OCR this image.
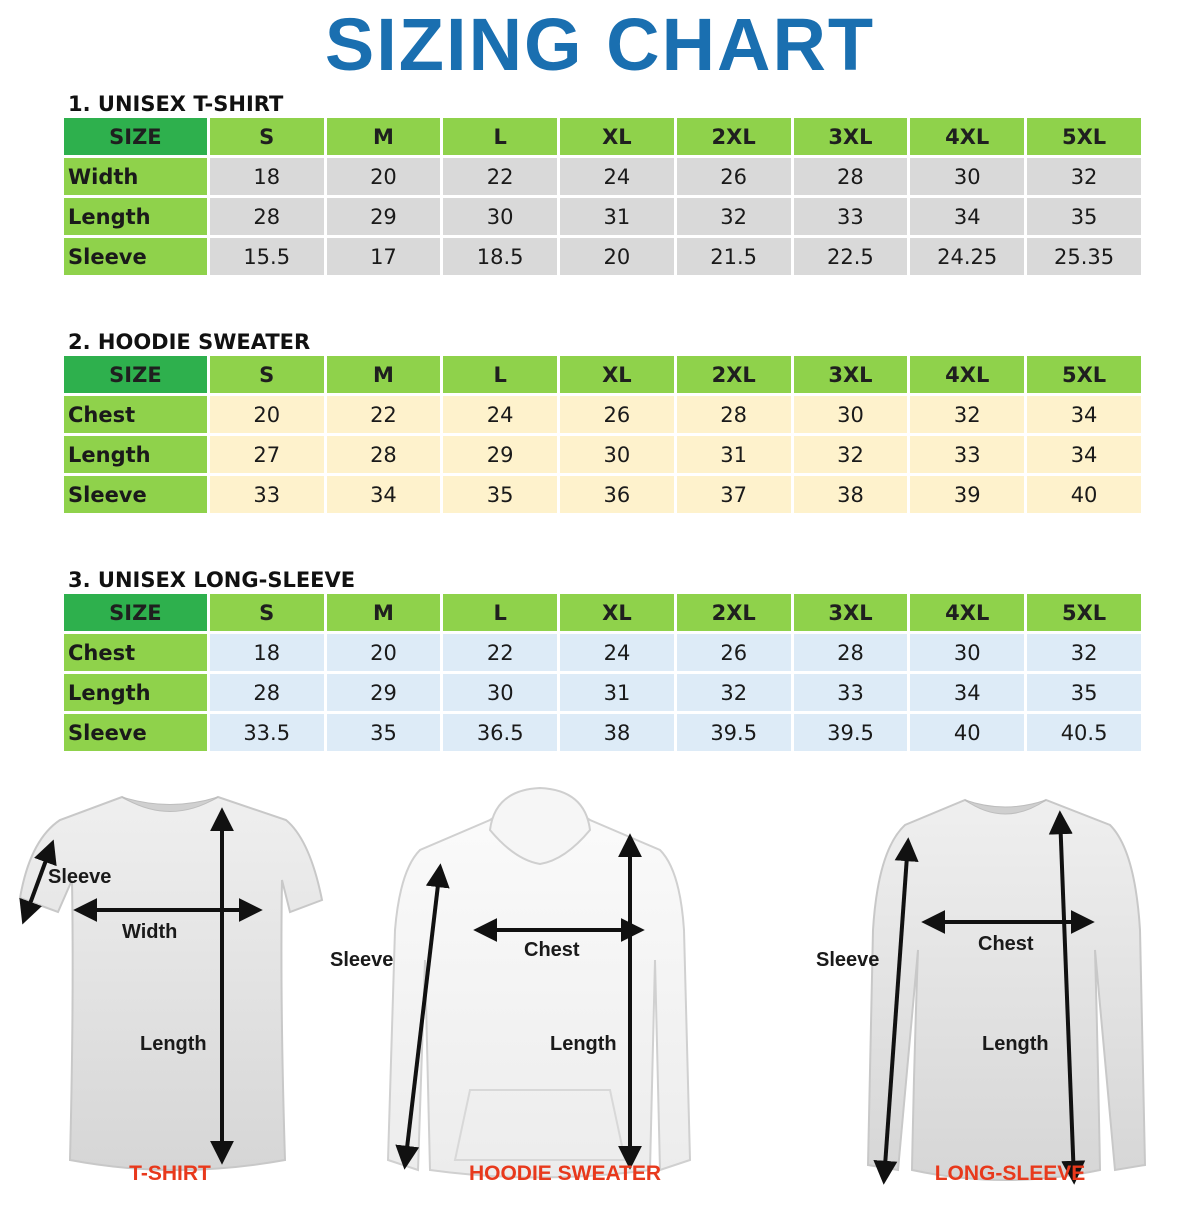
SIZING CHART
1. UNISEX T-SHIRT
SIZE	S	M	L	XL	2XL	3XL	4XL	5XL
Width	18	20	22	24	26	28	30	32
Length	28	29	30	31	32	33	34	35
Sleeve	15.5	17	18.5	20	21.5	22.5	24.25	25.35
2. HOODIE SWEATER
SIZE	S	M	L	XL	2XL	3XL	4XL	5XL
Chest	20	22	24	26	28	30	32	34
Length	27	28	29	30	31	32	33	34
Sleeve	33	34	35	36	37	38	39	40
3. UNISEX LONG-SLEEVE
SIZE	S	M	L	XL	2XL	3XL	4XL	5XL
Chest	18	20	22	24	26	28	30	32
Length	28	29	30	31	32	33	34	35
Sleeve	33.5	35	36.5	38	39.5	39.5	40	40.5
Sleeve
Width
Length
Sleeve	Chest
Length
Sleeve
Chest
Length
T-SHIRT	HOODIE SWEATER	LONG-SLEEVE
